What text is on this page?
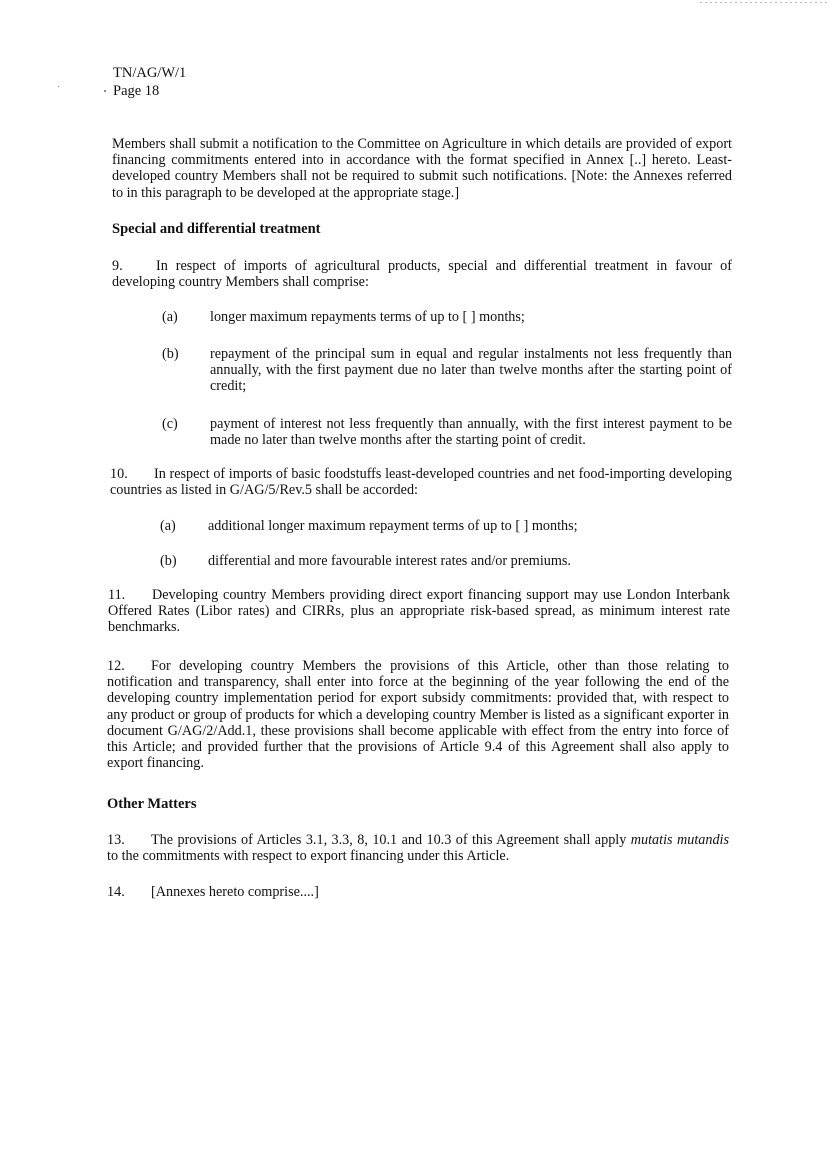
TN/AG/W/1
Page 18
Members shall submit a notification to the Committee on Agriculture in which details are provided of export financing commitments entered into in accordance with the format specified in Annex [..] hereto. Least-developed country Members shall not be required to submit such notifications. [Note: the Annexes referred to in this paragraph to be developed at the appropriate stage.]
Special and differential treatment
9. In respect of imports of agricultural products, special and differential treatment in favour of developing country Members shall comprise:
(a) longer maximum repayments terms of up to [ ] months;
(b) repayment of the principal sum in equal and regular instalments not less frequently than annually, with the first payment due no later than twelve months after the starting point of credit;
(c) payment of interest not less frequently than annually, with the first interest payment to be made no later than twelve months after the starting point of credit.
10. In respect of imports of basic foodstuffs least-developed countries and net food-importing developing countries as listed in G/AG/5/Rev.5 shall be accorded:
(a) additional longer maximum repayment terms of up to [ ] months;
(b) differential and more favourable interest rates and/or premiums.
11. Developing country Members providing direct export financing support may use London Interbank Offered Rates (Libor rates) and CIRRs, plus an appropriate risk-based spread, as minimum interest rate benchmarks.
12. For developing country Members the provisions of this Article, other than those relating to notification and transparency, shall enter into force at the beginning of the year following the end of the developing country implementation period for export subsidy commitments: provided that, with respect to any product or group of products for which a developing country Member is listed as a significant exporter in document G/AG/2/Add.1, these provisions shall become applicable with effect from the entry into force of this Article; and provided further that the provisions of Article 9.4 of this Agreement shall also apply to export financing.
Other Matters
13. The provisions of Articles 3.1, 3.3, 8, 10.1 and 10.3 of this Agreement shall apply mutatis mutandis to the commitments with respect to export financing under this Article.
14. [Annexes hereto comprise....]
